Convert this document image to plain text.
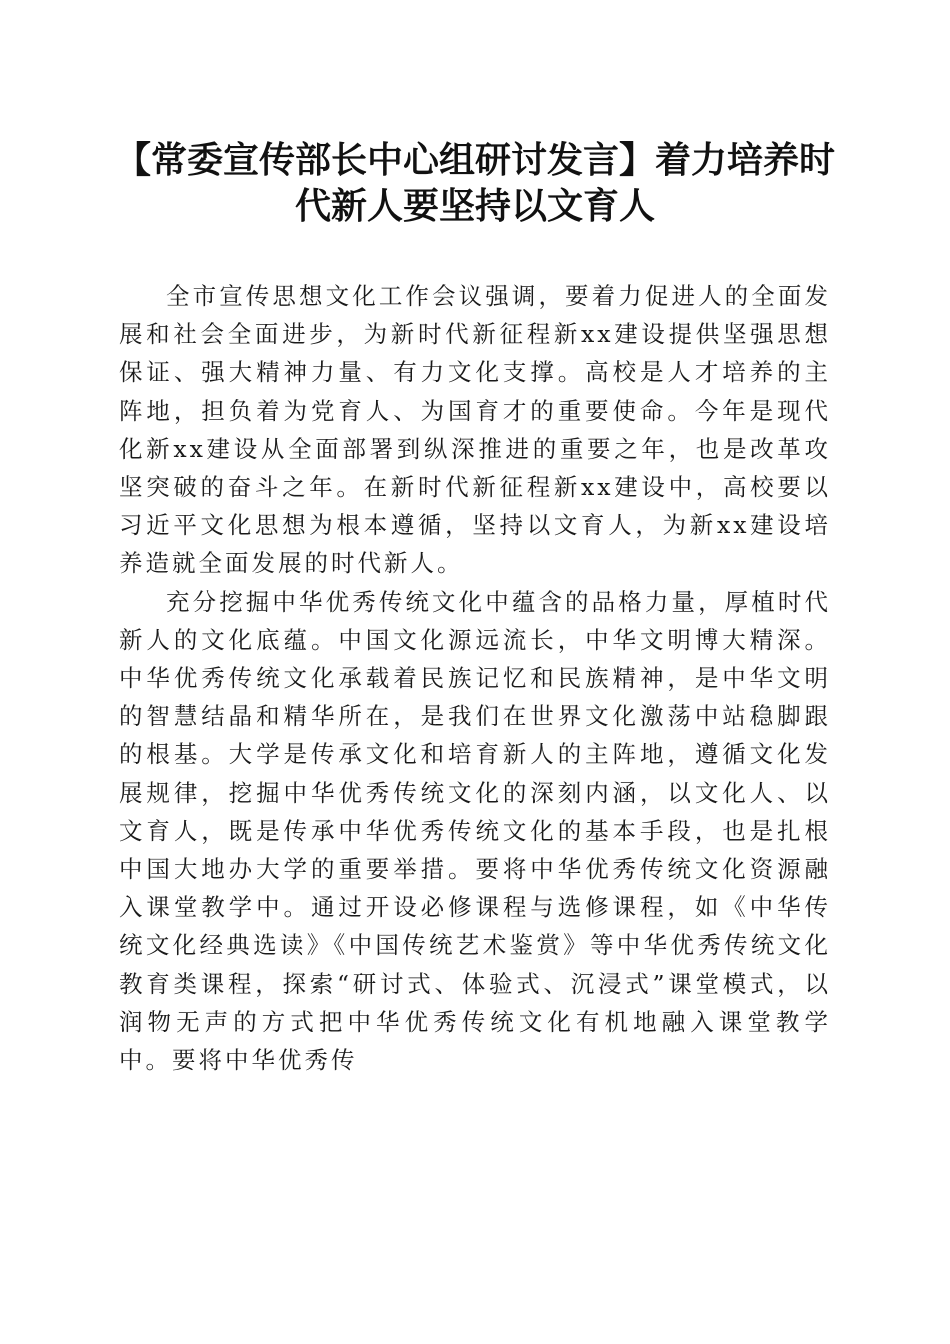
【常委宣传部长中心组研讨发言】着力培养时
代新人要坚持以文育人

全市宣传思想文化工作会议强调，要着力促进人的全面发展和社会全面进步，为新时代新征程新xx建设提供坚强思想保证、强大精神力量、有力文化支撑。高校是人才培养的主阵地，担负着为党育人、为国育才的重要使命。今年是现代化新xx建设从全面部署到纵深推进的重要之年，也是改革攻坚突破的奋斗之年。在新时代新征程新xx建设中，高校要以习近平文化思想为根本遵循，坚持以文育人，为新xx建设培养造就全面发展的时代新人。

充分挖掘中华优秀传统文化中蕴含的品格力量，厚植时代新人的文化底蕴。中国文化源远流长，中华文明博大精深。中华优秀传统文化承载着民族记忆和民族精神，是中华文明的智慧结晶和精华所在，是我们在世界文化激荡中站稳脚跟的根基。大学是传承文化和培育新人的主阵地，遵循文化发展规律，挖掘中华优秀传统文化的深刻内涵，以文化人、以文育人，既是传承中华优秀传统文化的基本手段，也是扎根中国大地办大学的重要举措。要将中华优秀传统文化资源融入课堂教学中。通过开设必修课程与选修课程，如《中华传统文化经典选读》《中国传统艺术鉴赏》等中华优秀传统文化教育类课程，探索“研讨式、体验式、沉浸式”课堂模式，以润物无声的方式把中华优秀传统文化有机地融入课堂教学中。要将中华优秀传
